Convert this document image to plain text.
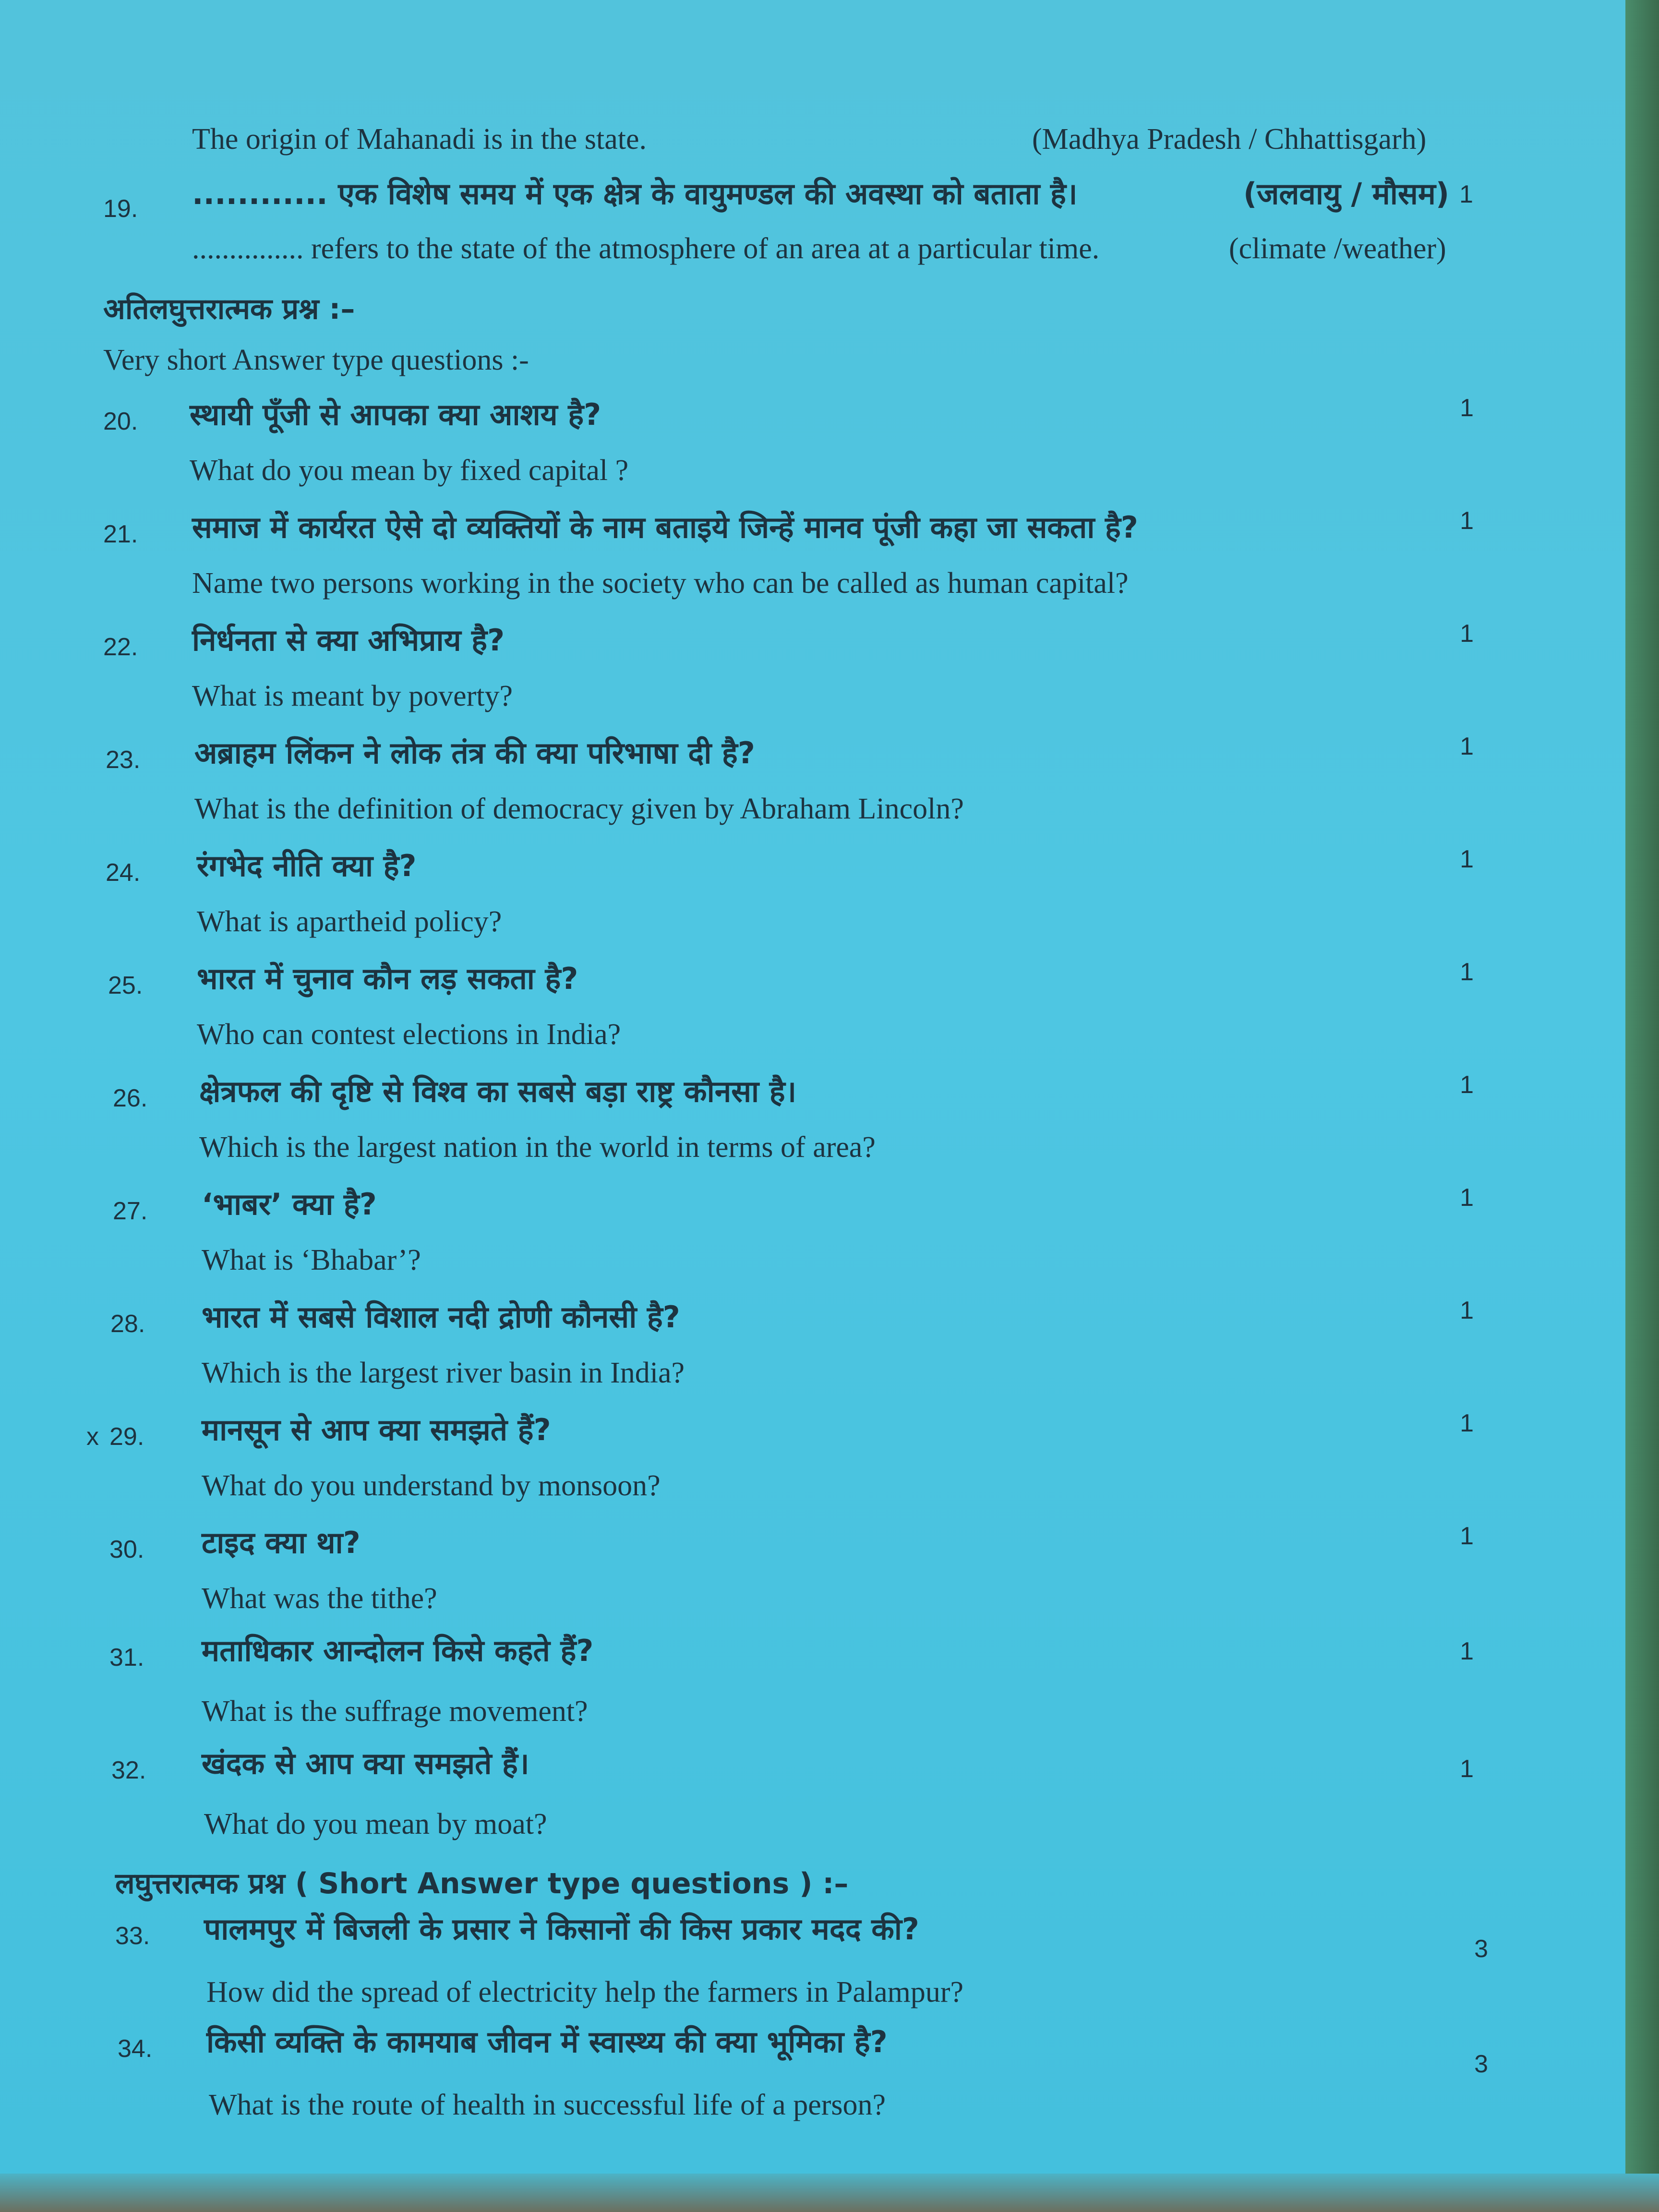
The origin of Mahanadi is in the state.	(Madhya Pradesh / Chhattisgarh)
19. ............ एक विशेष समय में एक क्षेत्र के वायुमण्डल की अवस्था को बताता है।	(जलवायु / मौसम) 1
............... refers to the state of the atmosphere of an area at a particular time.	(climate /weather)
अतिलघुत्तरात्मक प्रश्न :–
Very short Answer type questions :-
20. स्थायी पूँजी से आपका क्या आशय है?	1
What do you mean by fixed capital ?
21. समाज में कार्यरत ऐसे दो व्यक्तियों के नाम बताइये जिन्हें मानव पूंजी कहा जा सकता है?	1
Name two persons working in the society who can be called as human capital?
22. निर्धनता से क्या अभिप्राय है?	1
What is meant by poverty?
23. अब्राहम लिंकन ने लोक तंत्र की क्या परिभाषा दी है?	1
What is the definition of democracy given by Abraham Lincoln?
24. रंगभेद नीति क्या है?	1
What is apartheid policy?
25. भारत में चुनाव कौन लड़ सकता है?	1
Who can contest elections in India?
26. क्षेत्रफल की दृष्टि से विश्व का सबसे बड़ा राष्ट्र कौनसा है।	1
Which is the largest nation in the world in terms of area?
27. ‘भाबर’ क्या है?	1
What is ‘Bhabar’?
28. भारत में सबसे विशाल नदी द्रोणी कौनसी है?	1
Which is the largest river basin in India?
x 29. मानसून से आप क्या समझते हैं?	1
What do you understand by monsoon?
30. टाइद क्या था?	1
What was the tithe?
31. मताधिकार आन्दोलन किसे कहते हैं?	1
What is the suffrage movement?
32. खंदक से आप क्या समझते हैं।	1
What do you mean by moat?
लघुत्तरात्मक प्रश्न ( Short Answer type questions ) :–
33. पालमपुर में बिजली के प्रसार ने किसानों की किस प्रकार मदद की?
3
How did the spread of electricity help the farmers in Palampur?
34. किसी व्यक्ति के कामयाब जीवन में स्वास्थ्य की क्या भूमिका है?
3
What is the route of health in successful life of a person?
